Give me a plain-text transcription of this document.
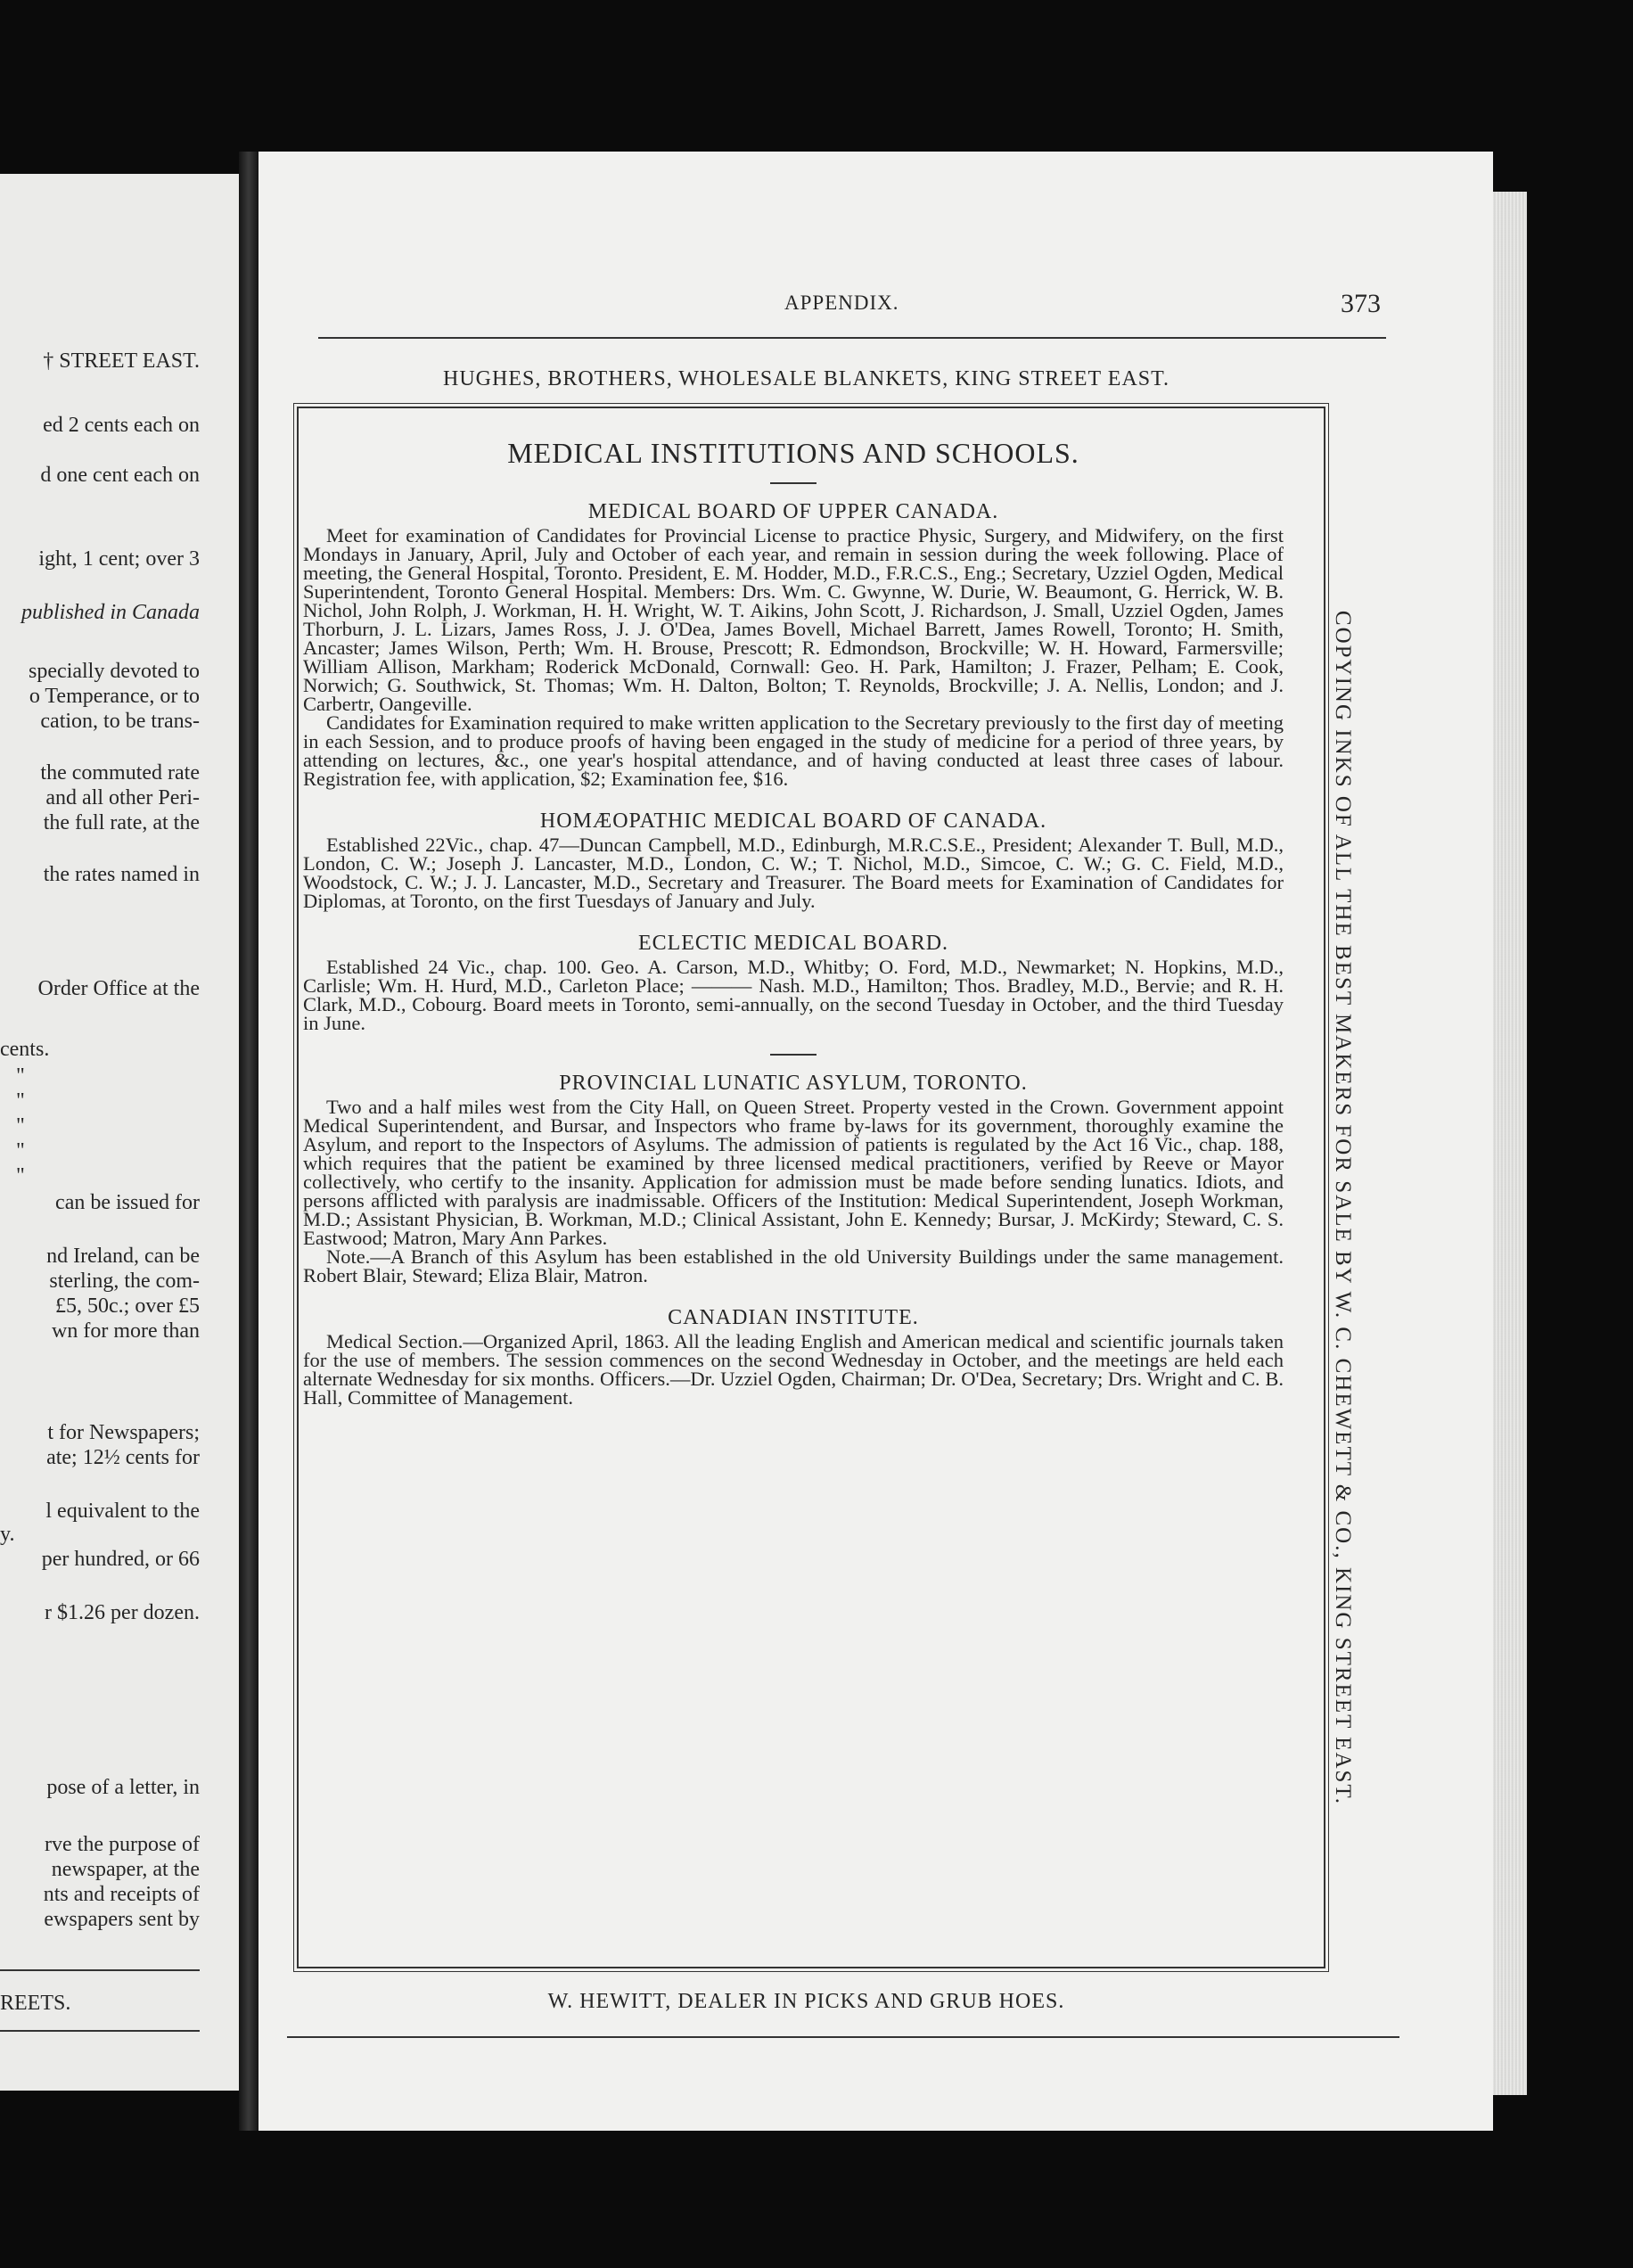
† STREET EAST.
ed 2 cents each on
d one cent each on
ight, 1 cent; over 3
published in Canada
specially devoted to
o Temperance, or to
cation, to be trans-
the commuted rate
and all other Peri-
the full rate, at the
the rates named in
Order Office at the
cents.
"
"
"
"
"
can be issued for
nd Ireland, can be
sterling, the com-
£5, 50c.; over £5
wn for more than
t for Newspapers;
ate; 12½ cents for
l equivalent to the
y.
per hundred, or 66
r $1.26 per dozen.
pose of a letter, in
rve the purpose of
newspaper, at the
nts and receipts of
ewspapers sent by
REETS.
APPENDIX.	373
HUGHES, BROTHERS, WHOLESALE BLANKETS, KING STREET EAST.
COPYING INKS OF ALL THE BEST MAKERS FOR SALE BY W. C. CHEWETT & CO., KING STREET EAST.
MEDICAL INSTITUTIONS AND SCHOOLS.
MEDICAL BOARD OF UPPER CANADA.

Meet for examination of Candidates for Provincial License to practice Physic, Surgery, and Midwifery, on the first Mondays in January, April, July and October of each year, and remain in session during the week following. Place of meeting, the General Hospital, Toronto. President, E. M. Hodder, M.D., F.R.C.S., Eng.; Secretary, Uzziel Ogden, Medical Superintendent, Toronto General Hospital. Members: Drs. Wm. C. Gwynne, W. Durie, W. Beaumont, G. Herrick, W. B. Nichol, John Rolph, J. Workman, H. H. Wright, W. T. Aikins, John Scott, J. Richardson, J. Small, Uzziel Ogden, James Thorburn, J. L. Lizars, James Ross, J. J. O'Dea, James Bovell, Michael Barrett, James Rowell, Toronto; H. Smith, Ancaster; James Wilson, Perth; Wm. H. Brouse, Prescott; R. Edmondson, Brockville; W. H. Howard, Farmersville; William Allison, Markham; Roderick McDonald, Cornwall: Geo. H. Park, Hamilton; J. Frazer, Pelham; E. Cook, Norwich; G. Southwick, St. Thomas; Wm. H. Dalton, Bolton; T. Reynolds, Brockville; J. A. Nellis, London; and J. Carbertr, Oangeville.

Candidates for Examination required to make written application to the Secretary previously to the first day of meeting in each Session, and to produce proofs of having been engaged in the study of medicine for a period of three years, by attending on lectures, &c., one year's hospital attendance, and of having conducted at least three cases of labour. Registration fee, with application, $2; Examination fee, $16.

HOMÆOPATHIC MEDICAL BOARD OF CANADA.

Established 22Vic., chap. 47—Duncan Campbell, M.D., Edinburgh, M.R.C.S.E., President; Alexander T. Bull, M.D., London, C. W.; Joseph J. Lancaster, M.D., London, C. W.; T. Nichol, M.D., Simcoe, C. W.; G. C. Field, M.D., Woodstock, C. W.; J. J. Lancaster, M.D., Secretary and Treasurer. The Board meets for Examination of Candidates for Diplomas, at Toronto, on the first Tuesdays of January and July.

ECLECTIC MEDICAL BOARD.

Established 24 Vic., chap. 100. Geo. A. Carson, M.D., Whitby; O. Ford, M.D., Newmarket; N. Hopkins, M.D., Carlisle; Wm. H. Hurd, M.D., Carleton Place; ——— Nash. M.D., Hamilton; Thos. Bradley, M.D., Bervie; and R. H. Clark, M.D., Cobourg. Board meets in Toronto, semi-annually, on the second Tuesday in October, and the third Tuesday in June.

PROVINCIAL LUNATIC ASYLUM, TORONTO.

Two and a half miles west from the City Hall, on Queen Street. Property vested in the Crown. Government appoint Medical Superintendent, and Bursar, and Inspectors who frame by-laws for its government, thoroughly examine the Asylum, and report to the Inspectors of Asylums. The admission of patients is regulated by the Act 16 Vic., chap. 188, which requires that the patient be examined by three licensed medical practitioners, verified by Reeve or Mayor collectively, who certify to the insanity. Application for admission must be made before sending lunatics. Idiots, and persons afflicted with paralysis are inadmissable. Officers of the Institution: Medical Superintendent, Joseph Workman, M.D.; Assistant Physician, B. Workman, M.D.; Clinical Assistant, John E. Kennedy; Bursar, J. McKirdy; Steward, C. S. Eastwood; Matron, Mary Ann Parkes.

Note.—A Branch of this Asylum has been established in the old University Buildings under the same management. Robert Blair, Steward; Eliza Blair, Matron.

CANADIAN INSTITUTE.

Medical Section.—Organized April, 1863. All the leading English and American medical and scientific journals taken for the use of members. The session commences on the second Wednesday in October, and the meetings are held each alternate Wednesday for six months. Officers.—Dr. Uzziel Ogden, Chairman; Dr. O'Dea, Secretary; Drs. Wright and C. B. Hall, Committee of Management.

W. HEWITT, DEALER IN PICKS AND GRUB HOES.
